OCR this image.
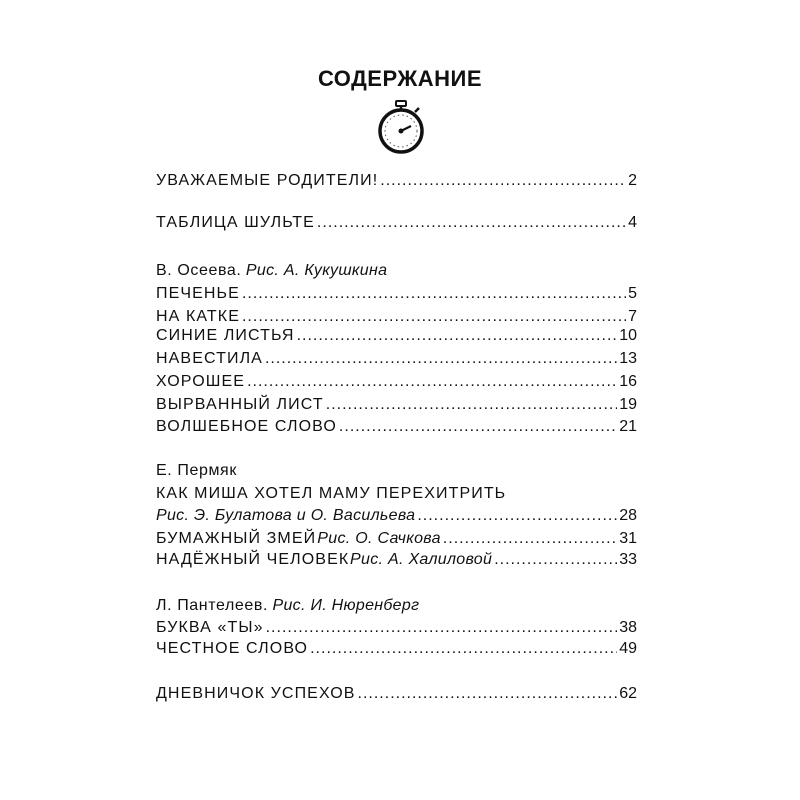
СОДЕРЖАНИЕ
УВАЖАЕМЫЕ РОДИТЕЛИ! .....	2
ТАБЛИЦА ШУЛЬТЕ .....	4
В. Осеева. Рис. А. Кукушкина
ПЕЧЕНЬЕ .....	5
НА КАТКЕ .....	7
СИНИЕ ЛИСТЬЯ .....	10
НАВЕСТИЛА .....	13
ХОРОШЕЕ .....	16
ВЫРВАННЫЙ ЛИСТ .....	19
ВОЛШЕБНОЕ СЛОВО .....	21
Е. Пермяк
КАК МИША ХОТЕЛ МАМУ ПЕРЕХИТРИТЬ
Рис. Э. Булатова и О. Васильева .....	28
БУМАЖНЫЙ ЗМЕЙ Рис. О. Сачкова .....	31
НАДЁЖНЫЙ ЧЕЛОВЕК Рис. А. Халиловой .....	33
Л. Пантелеев. Рис. И. Нюренберг
БУКВА «ТЫ» .....	38
ЧЕСТНОЕ СЛОВО .....	49
ДНЕВНИЧОК УСПЕХОВ .....	62
